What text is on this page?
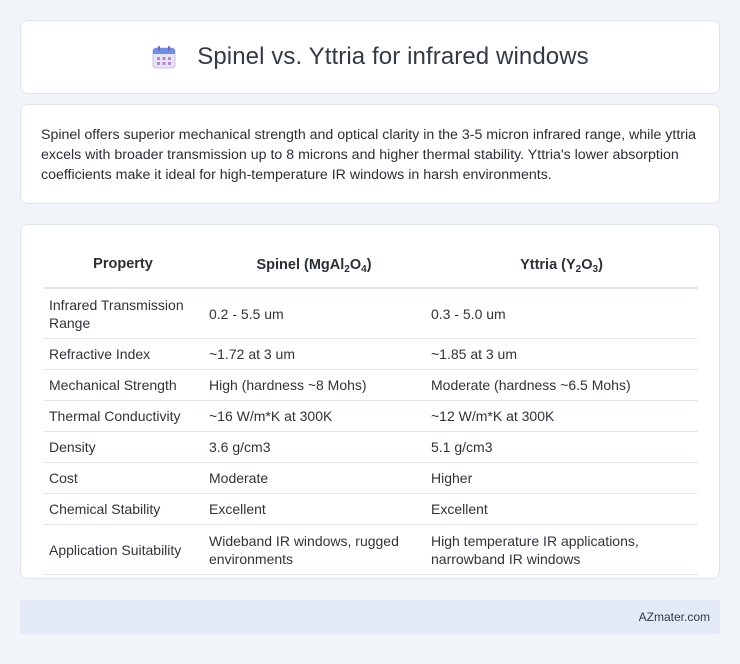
Spinel vs. Yttria for infrared windows

Spinel offers superior mechanical strength and optical clarity in the 3-5 micron infrared range, while yttria excels with broader transmission up to 8 microns and higher thermal stability. Yttria's lower absorption coefficients make it ideal for high-temperature IR windows in harsh environments.

Property	Spinel $(MgAl_2O_4)$	Yttria $(Y_2O_3)$
Infrared Transmission Range	0.2 - 5.5 um	0.3 - 5.0 um
Refractive Index	~1.72 at 3 um	~1.85 at 3 um
Mechanical Strength	High (hardness ~8 Mohs)	Moderate (hardness ~6.5 Mohs)
Thermal Conductivity	~16 W/m*K at 300K	~12 W/m*K at 300K
Density	3.6 g/cm3	5.1 g/cm3
Cost	Moderate	Higher
Chemical Stability	Excellent	Excellent
Application Suitability	Wideband IR windows, rugged environments	High temperature IR applications, narrowband IR windows
AZmater.com
